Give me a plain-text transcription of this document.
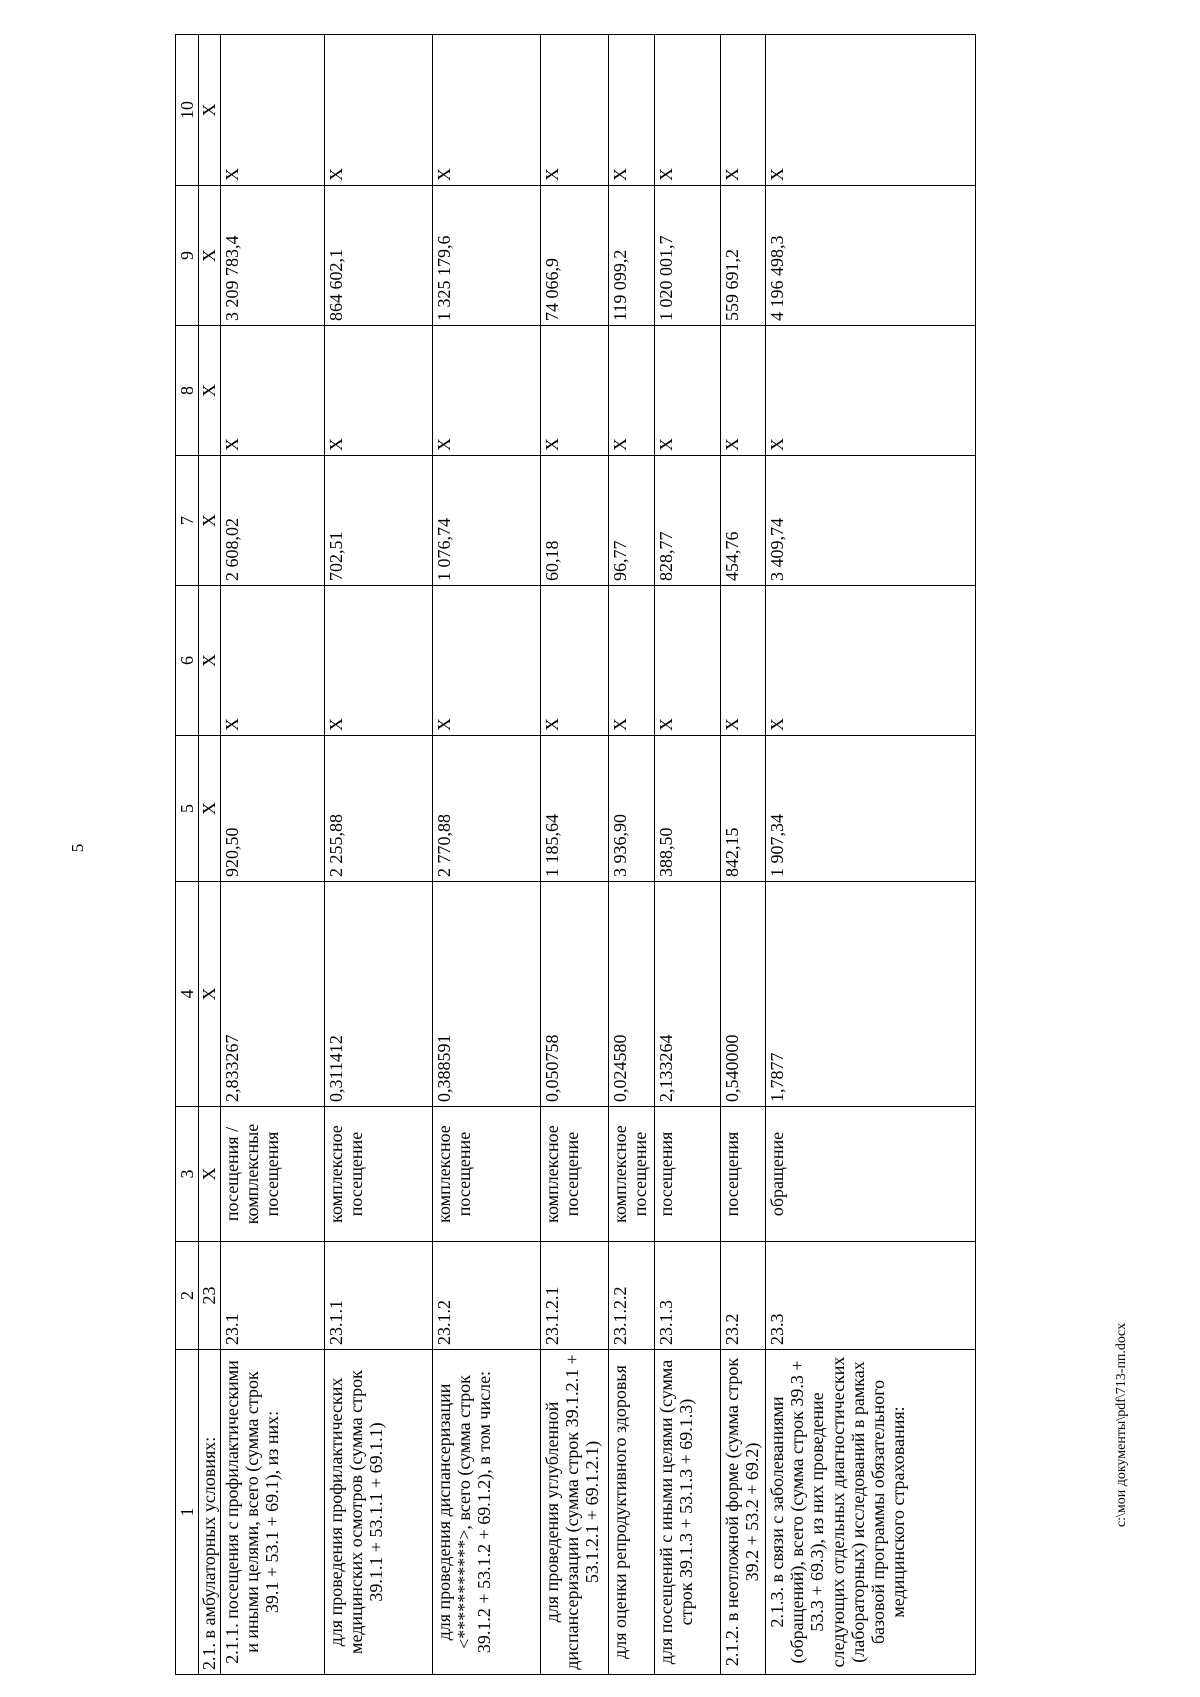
5
1	2	3	4	5	6	7	8	9	10
2.1. в амбулаторных условиях:	23	X	X	X	X	X	X	X	X
2.1.1. посещения с профилактическими и иными целями, всего (сумма строк 39.1 + 53.1 + 69.1), из них:	23.1	посещения /комплексные посещения	2,833267	920,50	X	2 608,02	X	3 209 783,4	X
для проведения профилактических медицинских осмотров (сумма строк 39.1.1 + 53.1.1 + 69.1.1)	23.1.1	комплексное посещение	0,311412	2 255,88	X	702,51	X	864 602,1	X
для проведения диспансеризации <***********>, всего (сумма строк 39.1.2 + 53.1.2 + 69.1.2), в том числе:	23.1.2	комплексное посещение	0,388591	2 770,88	X	1 076,74	X	1 325 179,6	X
для проведения углубленной диспансеризации (сумма строк 39.1.2.1 + 53.1.2.1 + 69.1.2.1)	23.1.2.1	комплексное посещение	0,050758	1 185,64	X	60,18	X	74 066,9	X
для оценки репродуктивного здоровья	23.1.2.2	комплексное посещение	0,024580	3 936,90	X	96,77	X	119 099,2	X
для посещений с иными целями (сумма строк 39.1.3 + 53.1.3 + 69.1.3)	23.1.3	посещения	2,133264	388,50	X	828,77	X	1 020 001,7	X
2.1.2. в неотложной форме (сумма строк 39.2 + 53.2 + 69.2)	23.2	посещения	0,540000	842,15	X	454,76	X	559 691,2	X
2.1.3. в связи с заболеваниями (обращений), всего (сумма строк 39.3 + 53.3 + 69.3), из них проведение следующих отдельных диагностических (лабораторных) исследований в рамках базовой программы обязательного медицинского страхования:	23.3	обращение	1,7877	1 907,34	X	3 409,74	X	4 196 498,3	X
c:\мои документы\pdf\713-пп.docx
